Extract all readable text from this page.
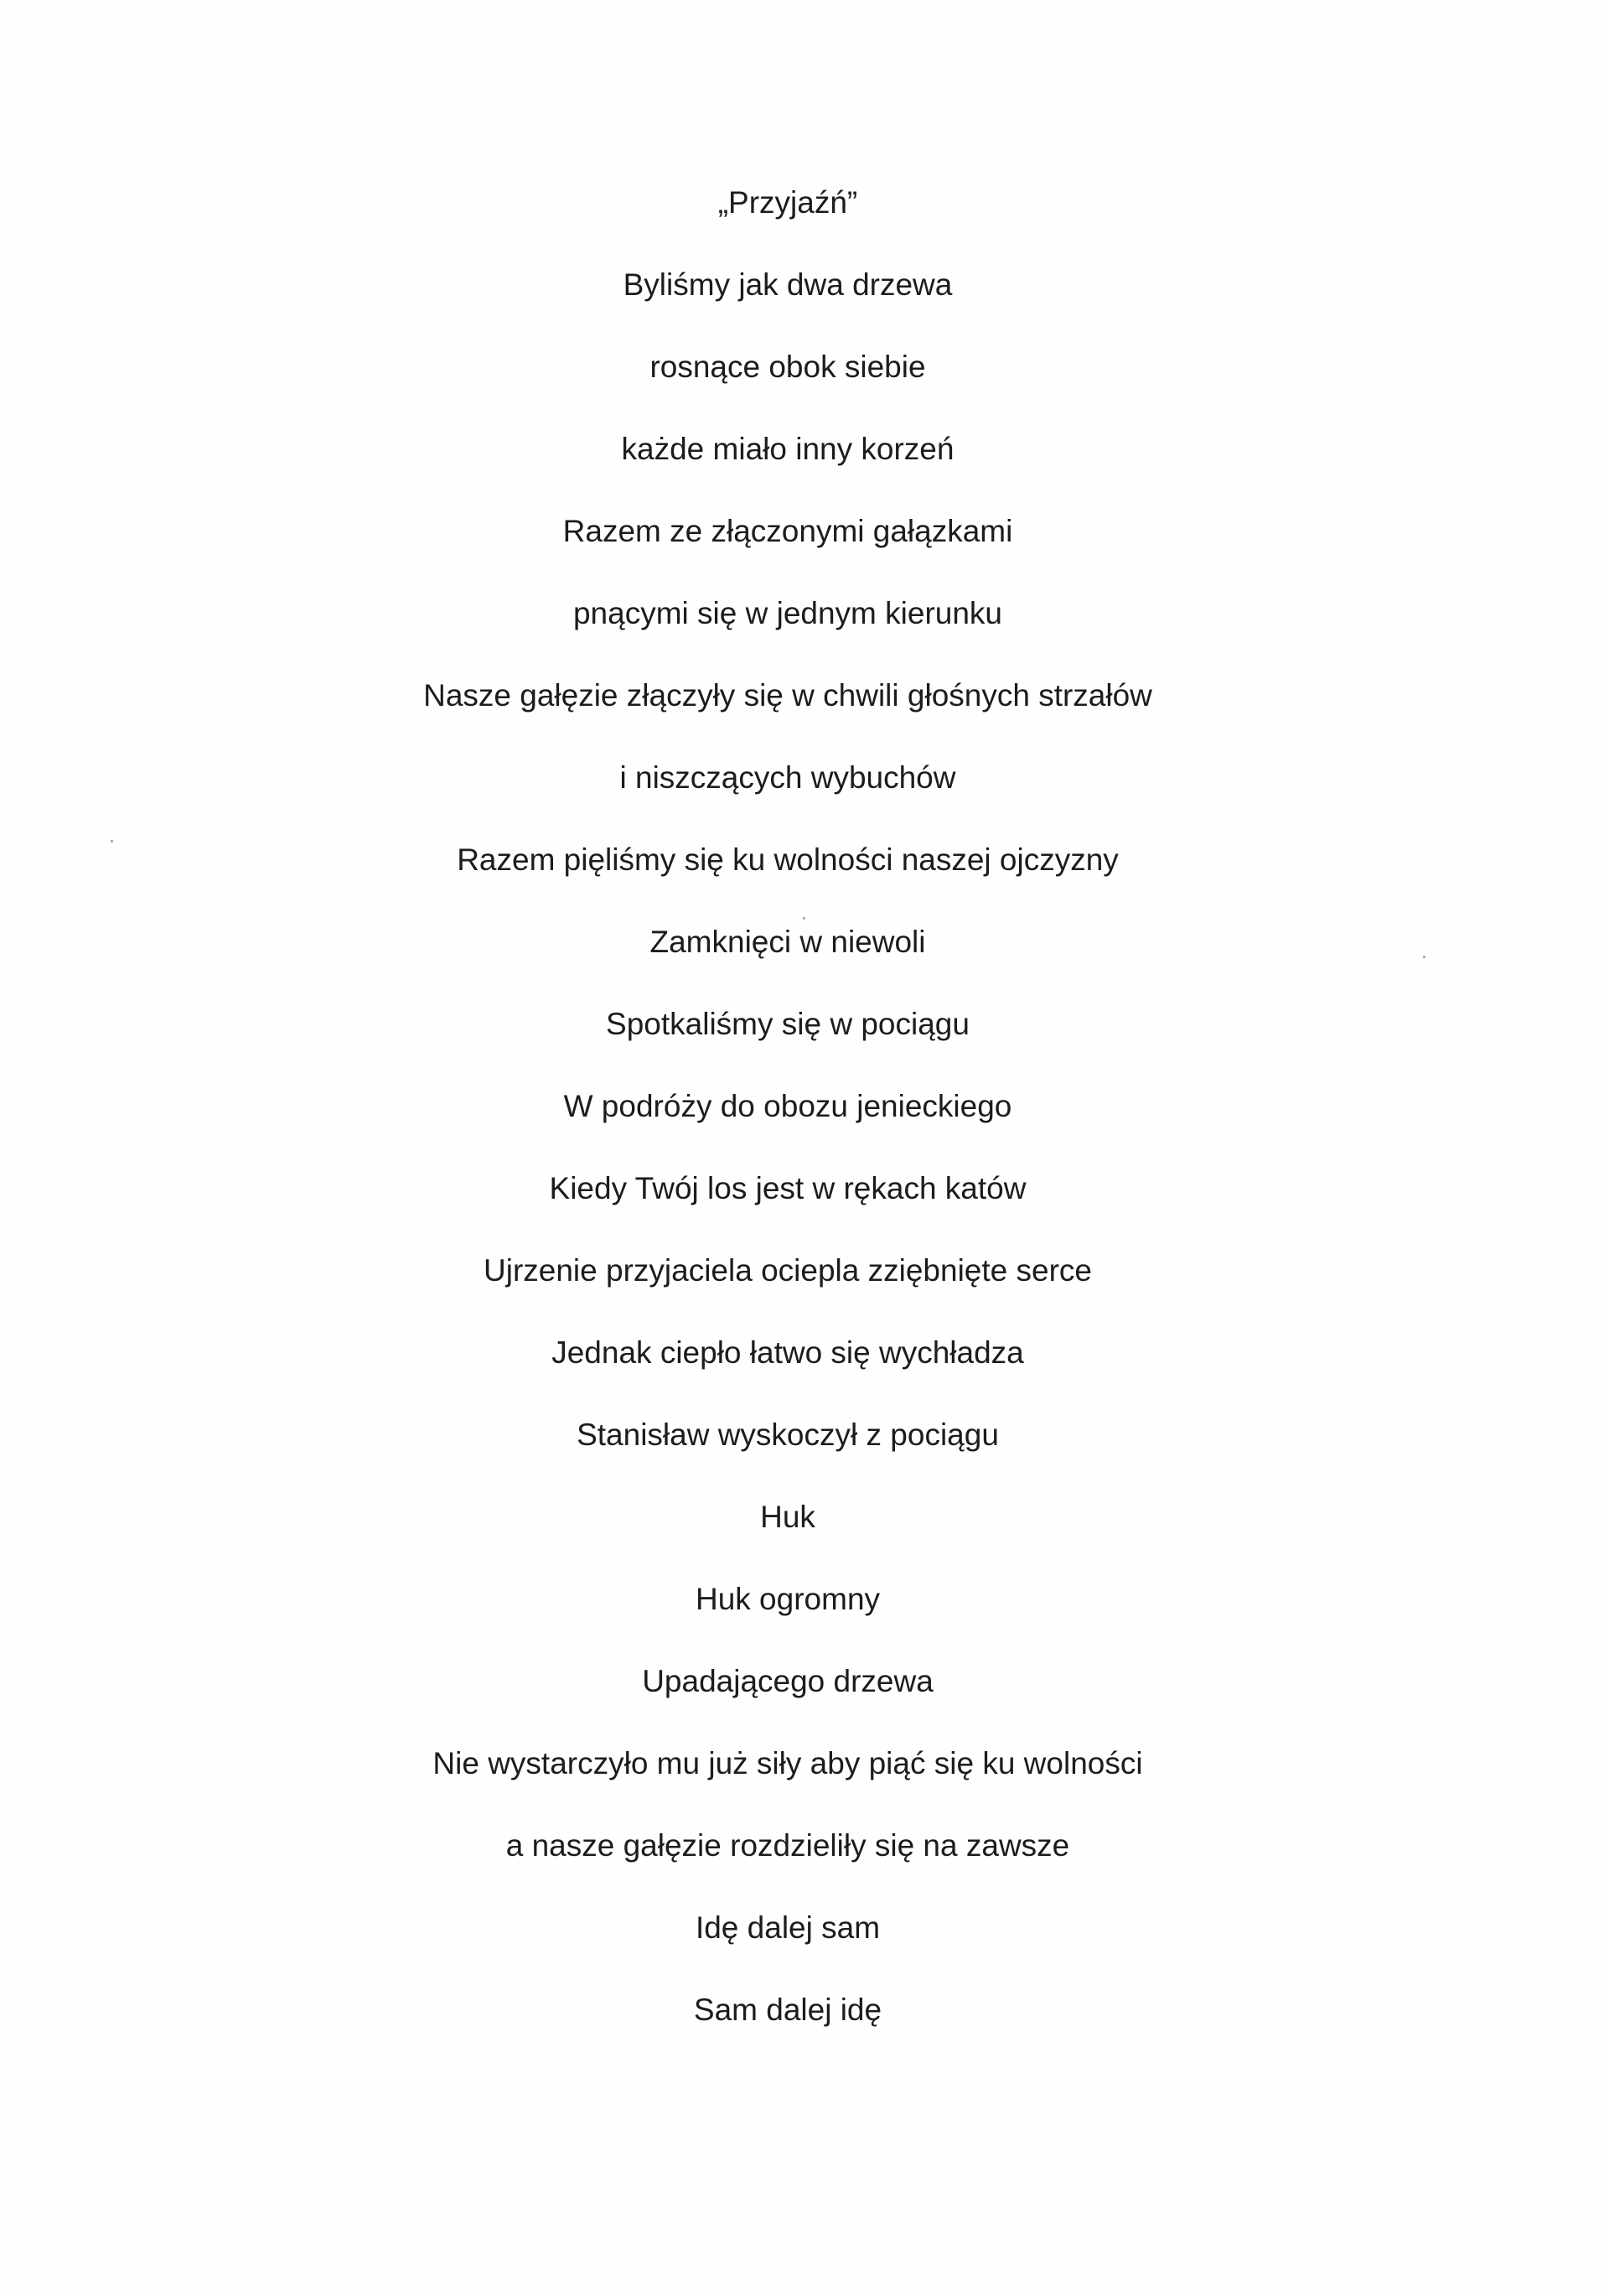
„Przyjaźń”
Byliśmy jak dwa drzewa
rosnące obok siebie
każde miało inny korzeń
Razem ze złączonymi gałązkami
pnącymi się w jednym kierunku
Nasze gałęzie złączyły się w chwili głośnych strzałów
i niszczących wybuchów
Razem pięliśmy się ku wolności naszej ojczyzny
Zamknięci w niewoli
Spotkaliśmy się w pociągu
W podróży do obozu jenieckiego
Kiedy Twój los jest w rękach katów
Ujrzenie przyjaciela ociepla zziębnięte serce
Jednak ciepło łatwo się wychładza
Stanisław wyskoczył z pociągu
Huk
Huk ogromny
Upadającego drzewa
Nie wystarczyło mu już siły aby piąć się ku wolności
a nasze gałęzie rozdzieliły się na zawsze
Idę dalej sam
Sam dalej idę
